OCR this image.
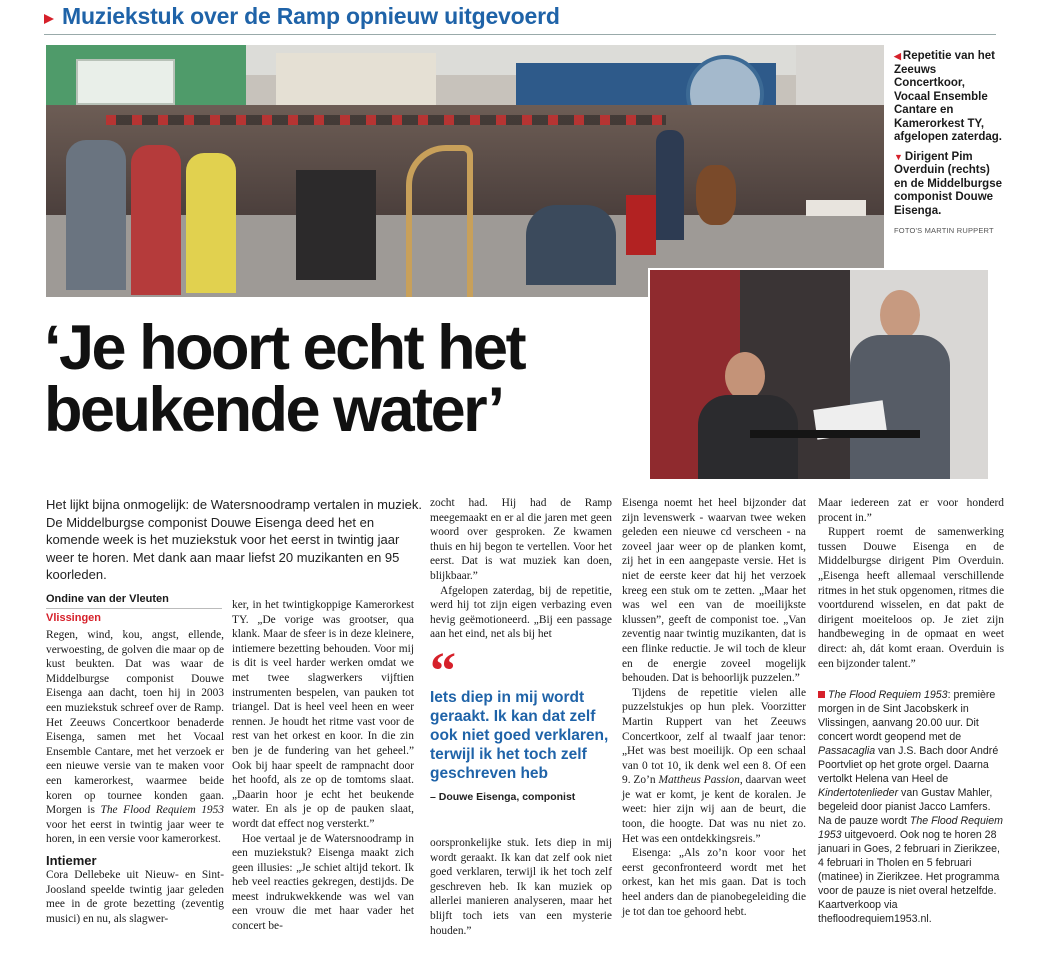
Muziekstuk over de Ramp opnieuw uitgevoerd
◀ Repetitie van het Zeeuws Concertkoor, Vocaal Ensemble Cantare en Kamerorkest TY, afgelopen zaterdag.
▼ Dirigent Pim Overduin (rechts) en de Middelburgse componist Douwe Eisenga.
FOTO'S MARTIN RUPPERT
‘Je hoort echt het
beukende water’
Het lijkt bijna onmogelijk: de Watersnoodramp vertalen in muziek. De Middelburgse componist Douwe Eisenga deed het en komende week is het muziekstuk voor het eerst in twintig jaar weer te horen. Met dank aan maar liefst 20 muzikanten en 95 koorleden.
Ondine van der Vleuten
Vlissingen

Regen, wind, kou, angst, ellende, verwoesting, de golven die maar op de kust beukten. Dat was waar de Middelburgse componist Douwe Eisenga aan dacht, toen hij in 2003 een muziekstuk schreef over de Ramp. Het Zeeuws Concertkoor benaderde Eisenga, samen met het Vocaal Ensemble Cantare, met het verzoek er een nieuwe versie van te maken voor een kamerorkest, waarmee beide koren op tournee konden gaan. Morgen is The Flood Requiem 1953 voor het eerst in twintig jaar weer te horen, in een versie voor kamerorkest.

Intiemer

Cora Dellebeke uit Nieuw- en Sint-Joosland speelde twintig jaar geleden mee in de grote bezetting (zeventig musici) en nu, als slagwer-

ker, in het twintigkoppige Kamerorkest TY. „De vorige was grootser, qua klank. Maar de sfeer is in deze kleinere, intiemere bezetting behouden. Voor mij is dit is veel harder werken omdat we met twee slagwerkers vijftien instrumenten bespelen, van pauken tot triangel. Dat is heel veel heen en weer rennen. Je houdt het ritme vast voor de rest van het orkest en koor. In die zin ben je de fundering van het geheel.” Ook bij haar speelt de rampnacht door het hoofd, als ze op de tomtoms slaat. „Daarin hoor je echt het beukende water. En als je op de pauken slaat, wordt dat effect nog versterkt.”

Hoe vertaal je de Watersnoodramp in een muziekstuk? Eisenga maakt zich geen illusies: „Je schiet altijd tekort. Ik heb veel reacties gekregen, destijds. De meest indrukwekkende was wel van een vrouw die met haar vader het concert be-

zocht had. Hij had de Ramp meegemaakt en er al die jaren met geen woord over gesproken. Ze kwamen thuis en hij begon te vertellen. Voor het eerst. Dat is wat muziek kan doen, blijkbaar.”

Afgelopen zaterdag, bij de repetitie, werd hij tot zijn eigen verbazing even hevig geëmotioneerd. „Bij een passage aan het eind, net als bij het

“
Iets diep in mij wordt geraakt. Ik kan dat zelf ook niet goed verklaren, terwijl ik het toch zelf geschreven heb
– Douwe Eisenga, componist

oorspronkelijke stuk. Iets diep in mij wordt geraakt. Ik kan dat zelf ook niet goed verklaren, terwijl ik het toch zelf geschreven heb. Ik kan muziek op allerlei manieren analyseren, maar het blijft toch iets van een mysterie houden.”

Eisenga noemt het heel bijzonder dat zijn levenswerk - waarvan twee weken geleden een nieuwe cd verscheen - na zoveel jaar weer op de planken komt, zij het in een aangepaste versie. Het is niet de eerste keer dat hij het verzoek kreeg een stuk om te zetten. „Maar het was wel een van de moeilijkste klussen”, geeft de componist toe. „Van zeventig naar twintig muzikanten, dat is een flinke reductie. Je wil toch de kleur en de energie zoveel mogelijk behouden. Dat is behoorlijk puzzelen.”

Tijdens de repetitie vielen alle puzzelstukjes op hun plek. Voorzitter Martin Ruppert van het Zeeuws Concertkoor, zelf al twaalf jaar tenor: „Het was best moeilijk. Op een schaal van 0 tot 10, ik denk wel een 8. Of een 9. Zo’n Mattheus Passion, daarvan weet je wat er komt, je kent de koralen. Je weet: hier zijn wij aan de beurt, die toon, die hoogte. Dat was nu niet zo. Het was een ontdekkingsreis.”

Eisenga: „Als zo’n koor voor het eerst geconfronteerd wordt met het orkest, kan het mis gaan. Dat is toch heel anders dan de pianobegeleiding die je tot dan toe gehoord hebt.

Maar iedereen zat er voor honderd procent in.”

Ruppert roemt de samenwerking tussen Douwe Eisenga en de Middelburgse dirigent Pim Overduin. „Eisenga heeft allemaal verschillende ritmes in het stuk opgenomen, ritmes die voortdurend wisselen, en dat pakt de dirigent moeiteloos op. Je ziet zijn handbeweging in de opmaat en weet direct: ah, dát komt eraan. Overduin is een bijzonder talent.”

The Flood Requiem 1953: première morgen in de Sint Jacobskerk in Vlissingen, aanvang 20.00 uur. Dit concert wordt geopend met de Passacaglia van J.S. Bach door André Poortvliet op het grote orgel. Daarna vertolkt Helena van Heel de Kindertotenlieder van Gustav Mahler, begeleid door pianist Jacco Lamfers. Na de pauze wordt The Flood Requiem 1953 uitgevoerd. Ook nog te horen 28 januari in Goes, 2 februari in Zierikzee, 4 februari in Tholen en 5 februari (matinee) in Zierikzee. Het programma voor de pauze is niet overal hetzelfde. Kaartverkoop via thefloodrequiem1953.nl.
